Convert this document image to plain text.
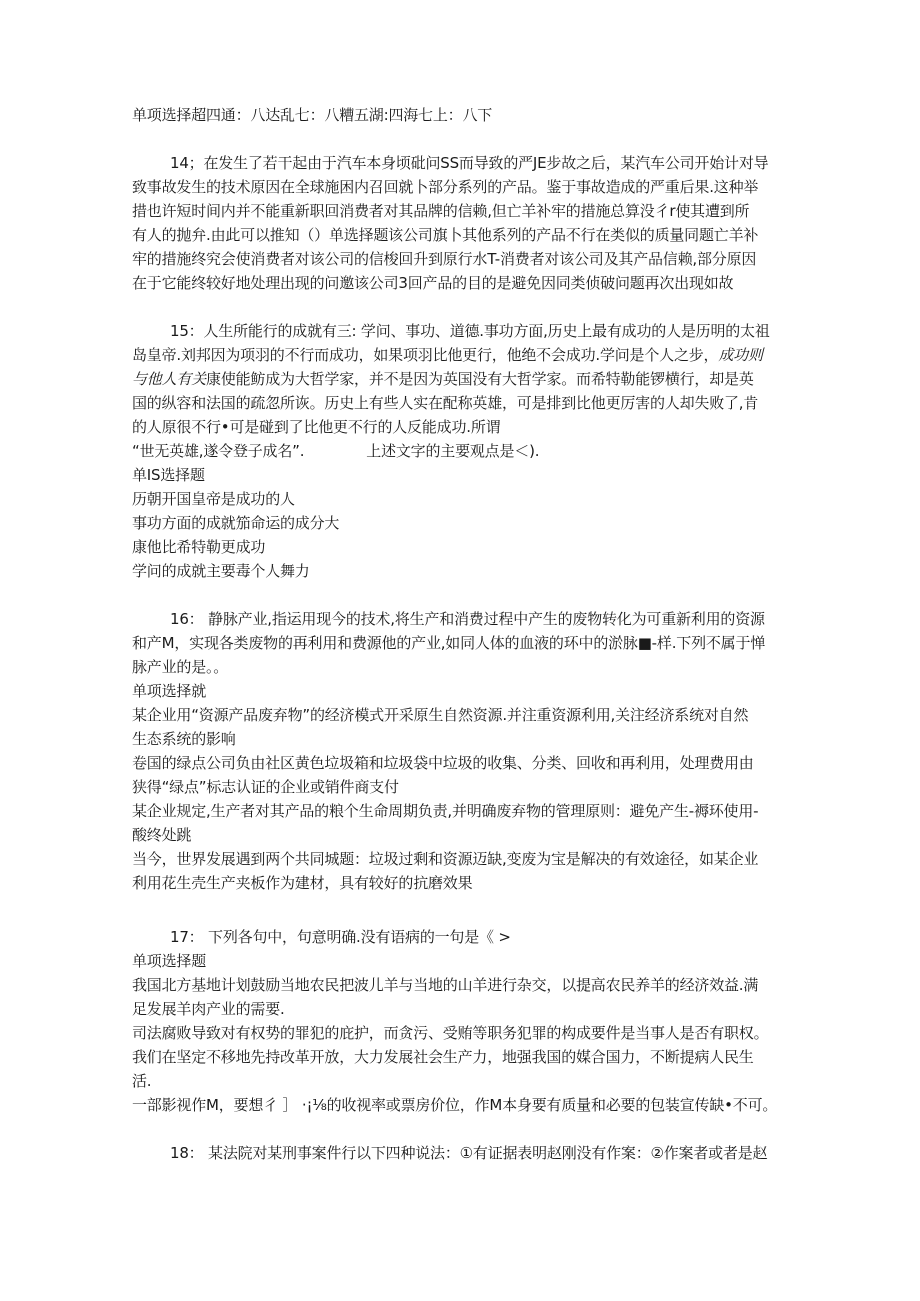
单项选择超四通：八达乱七：八糟五湖:四海七上：八下
14；在发生了若干起由于汽车本身顷砒问SS而导致的严JE步故之后，某汽车公司开始计对导
致事故发生的技术原因在全球施困内召回就卜部分系列的产品。鉴于事故造成的严重后果.这种举
措也许短时间内并不能重新职回消费者对其品牌的信赖,但亡羊补牢的措施总算没彳r使其遭到所
有人的抛弁.由此可以推知（）单选择题该公司旗卜其他系列的产品不行在类似的质量同题亡羊补
牢的措施终究会使消费者对该公司的信梭回升到原行水T-消费者对该公司及其产品信赖,部分原因
在于它能终较好地处理出现的问邀该公司3回产品的目的是避免因同类侦破问题再次出现如故
15：人生所能行的成就有三: 学问、事功、道德.事功方面,历史上最有成功的人是历明的太祖
岛皇帝.刘邦因为项羽的不行而成功，如果项羽比他更行，他绝不会成功.学问是个人之步，成功则
与他人有关康使能鲂成为大哲学家，并不是因为英国没有大哲学家。而希特勒能锣横行，却是英
国的纵容和法国的疏忽所诙。历史上有些人实在配称英雄，可是排到比他更厉害的人却失败了,肯
的人原很不行•可是碰到了比他更不行的人反能成功.所谓
“世无英雄,遂令登子成名”.	上述文字的主要观点是＜).
单IS选择题
历朝开国皇帝是成功的人
事功方面的成就笳命运的成分大
康他比希特勒更成功
学问的成就主要毒个人舞力
16： 静脉产业,指运用现今的技术,将生产和消费过程中产生的废物转化为可重新利用的资源
和产M，实现各类废物的再利用和费源他的产业,如同人体的血液的环中的淤脉■-样.下列不属于惮
脉产业的是。。
单项选择就
某企业用“资源产品废弃物”的经济模式开采原生自然资源.并注重资源利用,关注经济系统对自然
生态系统的影响
卷国的绿点公司负由社区黄色垃圾箱和垃圾袋中垃圾的收集、分类、回收和再利用，处理费用由
狭得“绿点”标志认证的企业或销件商支付
某企业规定,生产者对其产品的粮个生命周期负责,并明确废弃物的管理原则：避免产生-褥环使用-
酸终处跳
当今，世界发展遇到两个共同城题：垃圾过剩和资源迈缺,变废为宝是解决的有效途径，如某企业
利用花生壳生产夹板作为建材，具有较好的抗磨效果
17： 下列各句中，句意明确.没有语病的一句是《 >
单项选择题
我国北方基地计划鼓励当地农民把波儿羊与当地的山羊进行杂交，以提高农民养羊的经济效益.满
足发展羊肉产业的需要.
司法腐败导致对有权势的罪犯的庇护，而贪污、受贿等职务犯罪的构成要件是当事人是否有职权。
我们在坚定不移地先持改革开放，大力发展社会生产力，地强我国的媒合国力，不断提病人民生
活.
一部影视作M，要想彳 ］ ·¡⅛的收视率或票房价位，作M本身要有质量和必要的包装宣传缺•不可。
18： 某法院对某刑事案件行以下四种说法：①有证据表明赵刚没有作案：②作案者或者是赵
